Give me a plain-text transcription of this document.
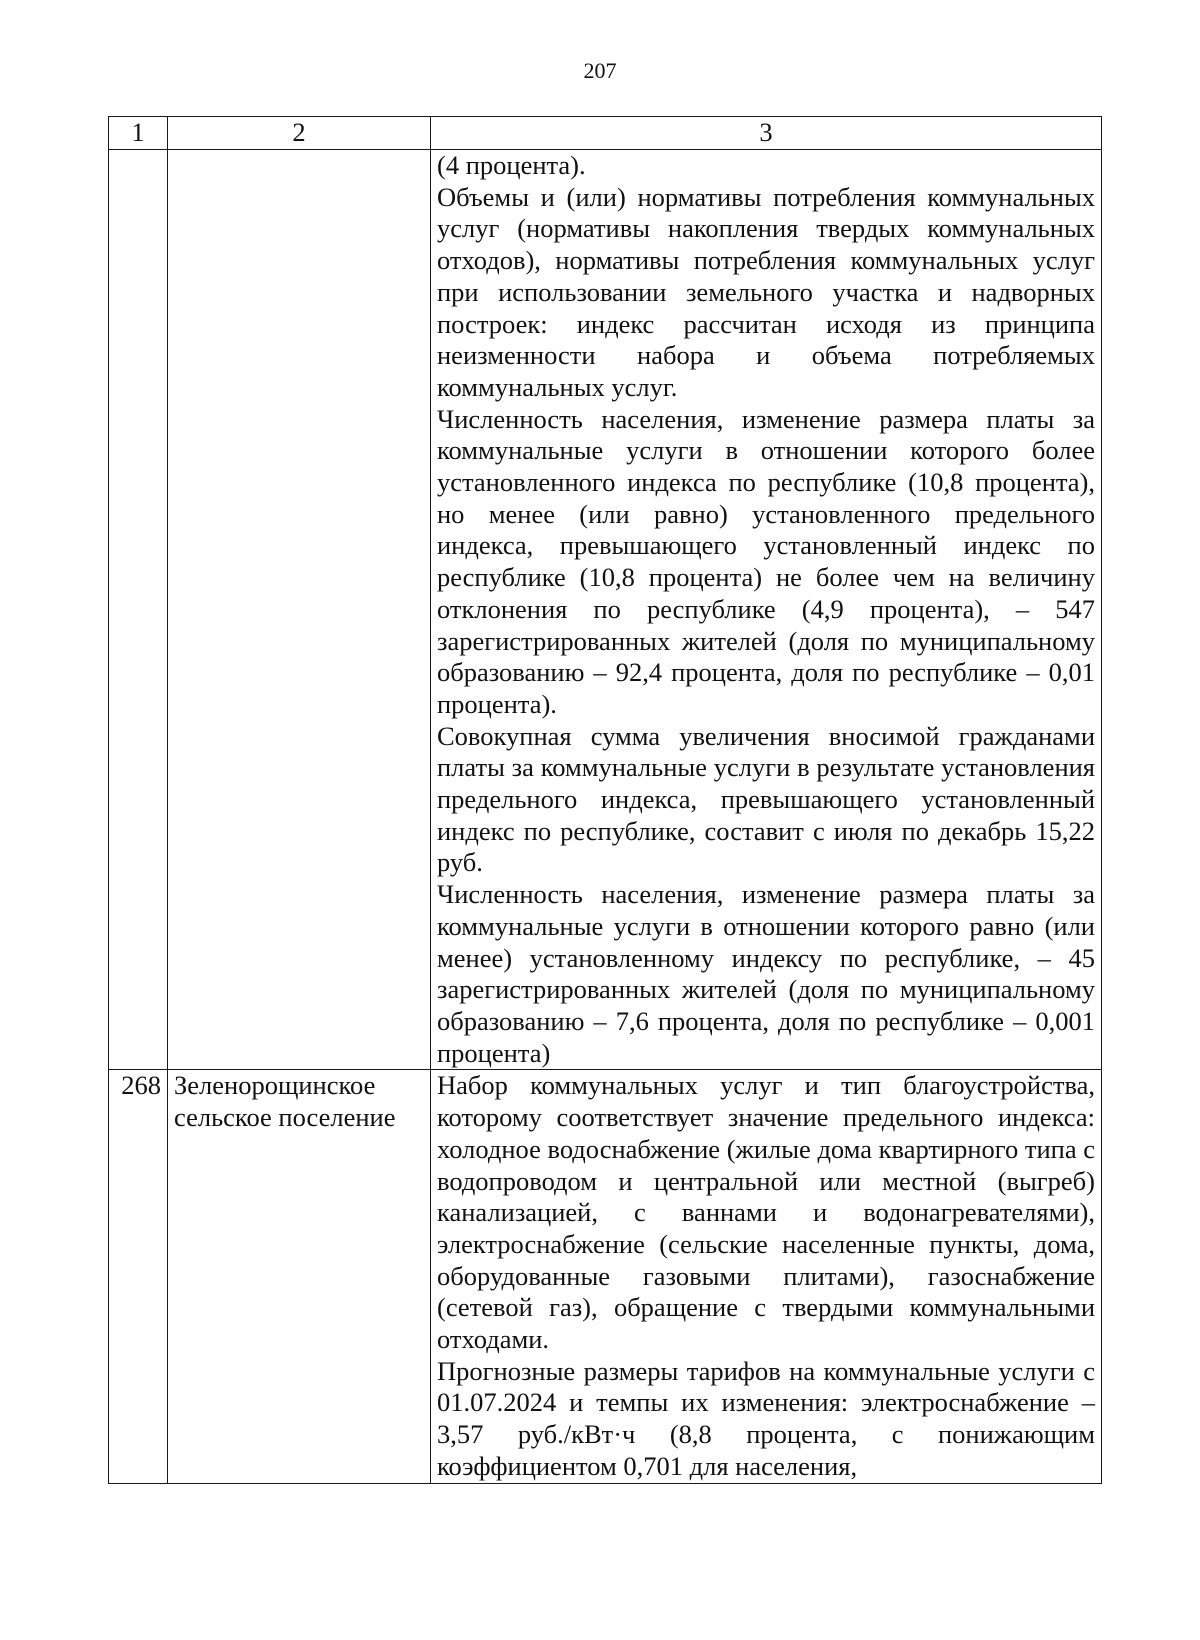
207
1	2	3

		(4 процента).

Объемы и (или) нормативы потребления коммунальных услуг (нормативы накопления твердых коммунальных отходов), нормативы потребления коммунальных услуг при использовании земельного участка и надворных построек: индекс рассчитан исходя из принципа неизменности набора и объема потребляемых коммунальных услуг.

Численность населения, изменение размера платы за коммунальные услуги в отношении которого более установленного индекса по республике (10,8 процента), но менее (или равно) установленного предельного индекса, превышающего установленный индекс по республике (10,8 процента) не более чем на величину отклонения по республике (4,9 процента), – 547 зарегистрированных жителей (доля по муниципальному образованию – 92,4 процента, доля по республике – 0,01 процента).

Совокупная сумма увеличения вносимой гражданами платы за коммунальные услуги в результате установления предельного индекса, превышающего установленный индекс по республике, составит с июля по декабрь 15,22 руб.

Численность населения, изменение размера платы за коммунальные услуги в отношении которого равно (или менее) установленному индексу по республике, – 45 зарегистрированных жителей (доля по муниципальному образованию – 7,6 процента, доля по республике – 0,001 процента)

268	Зеленорощинское сельское поселение	Набор коммунальных услуг и тип благоустройства, которому соответствует значение предельного индекса: холодное водоснабжение (жилые дома квартирного типа с водопроводом и центральной или местной (выгреб) канализацией, с ваннами и водонагревателями), электроснабжение (сельские населенные пункты, дома, оборудованные газовыми плитами), газоснабжение (сетевой газ), обращение с твердыми коммунальными отходами.

Прогнозные размеры тарифов на коммунальные услуги с 01.07.2024 и темпы их изменения: электроснабжение – 3,57 руб./кВт·ч (8,8 процента, с понижающим коэффициентом 0,701 для населения,
